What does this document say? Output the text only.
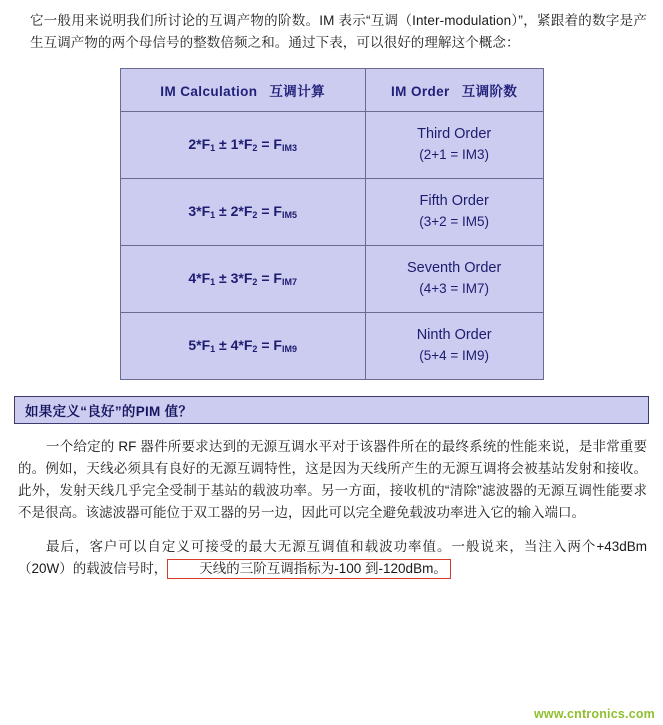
它一般用来说明我们所讨论的互调产物的阶数。IM 表示“互调（Inter-modulation）”，紧跟着的数字是产生互调产物的两个母信号的整数倍频之和。通过下表，可以很好的理解这个概念：

IM Calculation 互调计算	IM Order 互调阶数
$2*F_1 \pm 1*F_2 = F_{IM3}$	Third Order
(2+1 = IM3)

$3*F_1 \pm 2*F_2 = F_{IM5}$	Fifth Order
(3+2 = IM5)

$4*F_1 \pm 3*F_2 = F_{IM7}$	Seventh Order
(4+3 = IM7)

$5*F_1 \pm 4*F_2 = F_{IM9}$	Ninth Order
(5+4 = IM9)
如果定义“良好”的PIM 值？

一个给定的 RF 器件所要求达到的无源互调水平对于该器件所在的最终系统的性能来说，是非常重要的。例如，天线必须具有良好的无源互调特性，这是因为天线所产生的无源互调将会被基站发射和接收。此外，发射天线几乎完全受制于基站的载波功率。另一方面，接收机的“清除”滤波器的无源互调性能要求不是很高。该滤波器可能位于双工器的另一边，因此可以完全避免载波功率进入它的输入端口。

最后，客户可以自定义可接受的最大无源互调值和载波功率值。一般说来，当注入两个+43dBm（20W）的载波信号时， 天线的三阶互调指标为-100 到-120dBm。

www.cntronics.com
